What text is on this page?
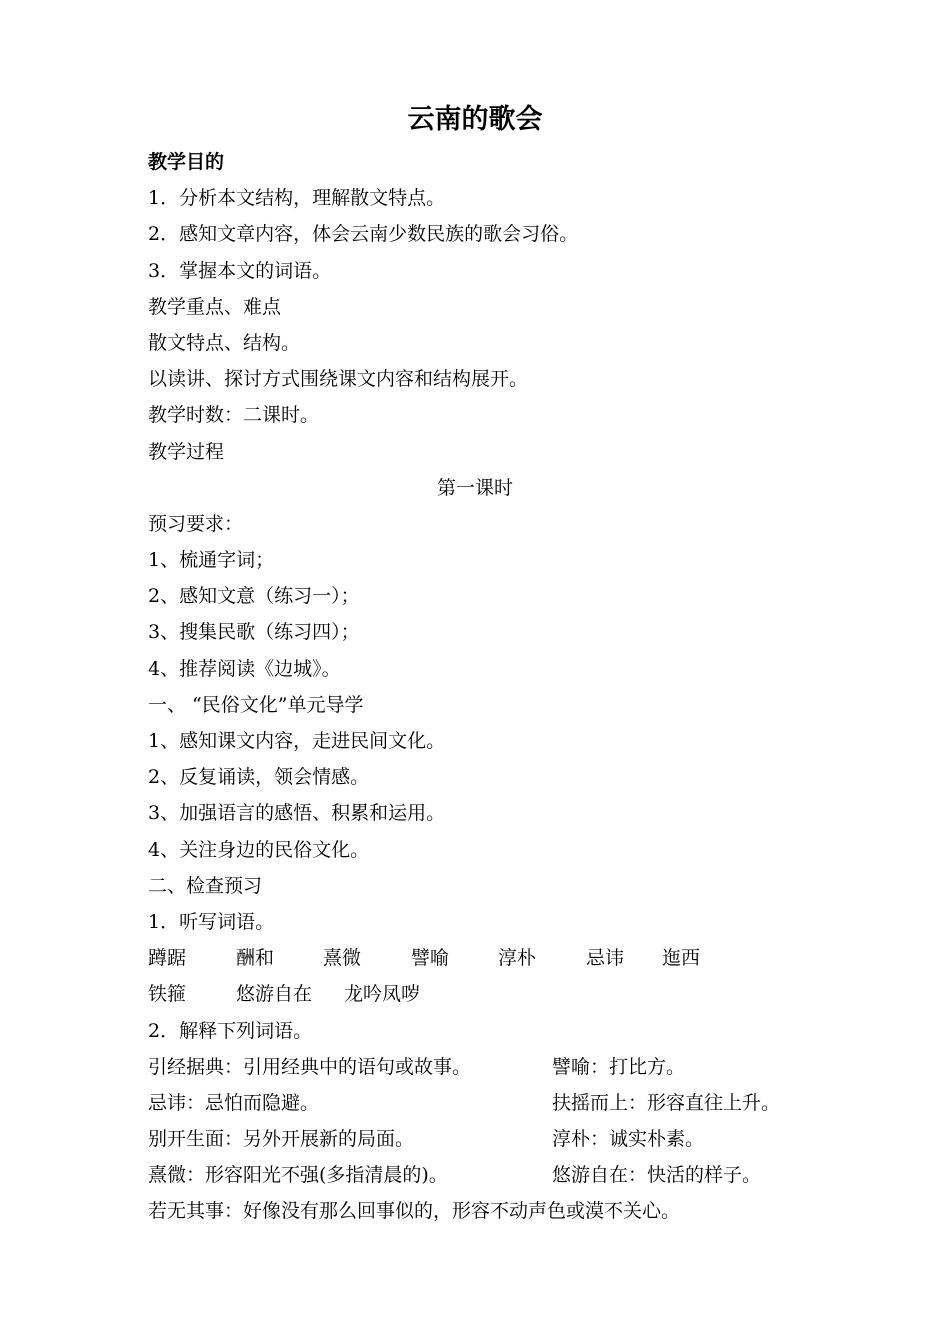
云南的歌会
教学目的
1．分析本文结构，理解散文特点。
2．感知文章内容，体会云南少数民族的歌会习俗。
3．掌握本文的词语。
教学重点、难点
散文特点、结构。
以读讲、探讨方式围绕课文内容和结构展开。
教学时数：二课时。
教学过程
第一课时
预习要求：
1、梳通字词；
2、感知文意（练习一）；
3、搜集民歌（练习四）；
4、推荐阅读《边城》。
一、 “民俗文化”单元导学
1、感知课文内容，走进民间文化。
2、反复诵读，领会情感。
3、加强语言的感悟、积累和运用。
4、关注身边的民俗文化。
二、检查预习
1．听写词语。
蹲踞	酬和	熹微	譬喻	淳朴	忌讳 迤西
铁箍	悠游自在 龙吟凤哕
2．解释下列词语。
引经据典：引用经典中的语句或故事。	譬喻：打比方。
忌讳：忌怕而隐避。	扶摇而上：形容直往上升。
别开生面：另外开展新的局面。	淳朴：诚实朴素。
熹微：形容阳光不强(多指清晨的)。	悠游自在：快活的样子。
若无其事：好像没有那么回事似的，形容不动声色或漠不关心。
